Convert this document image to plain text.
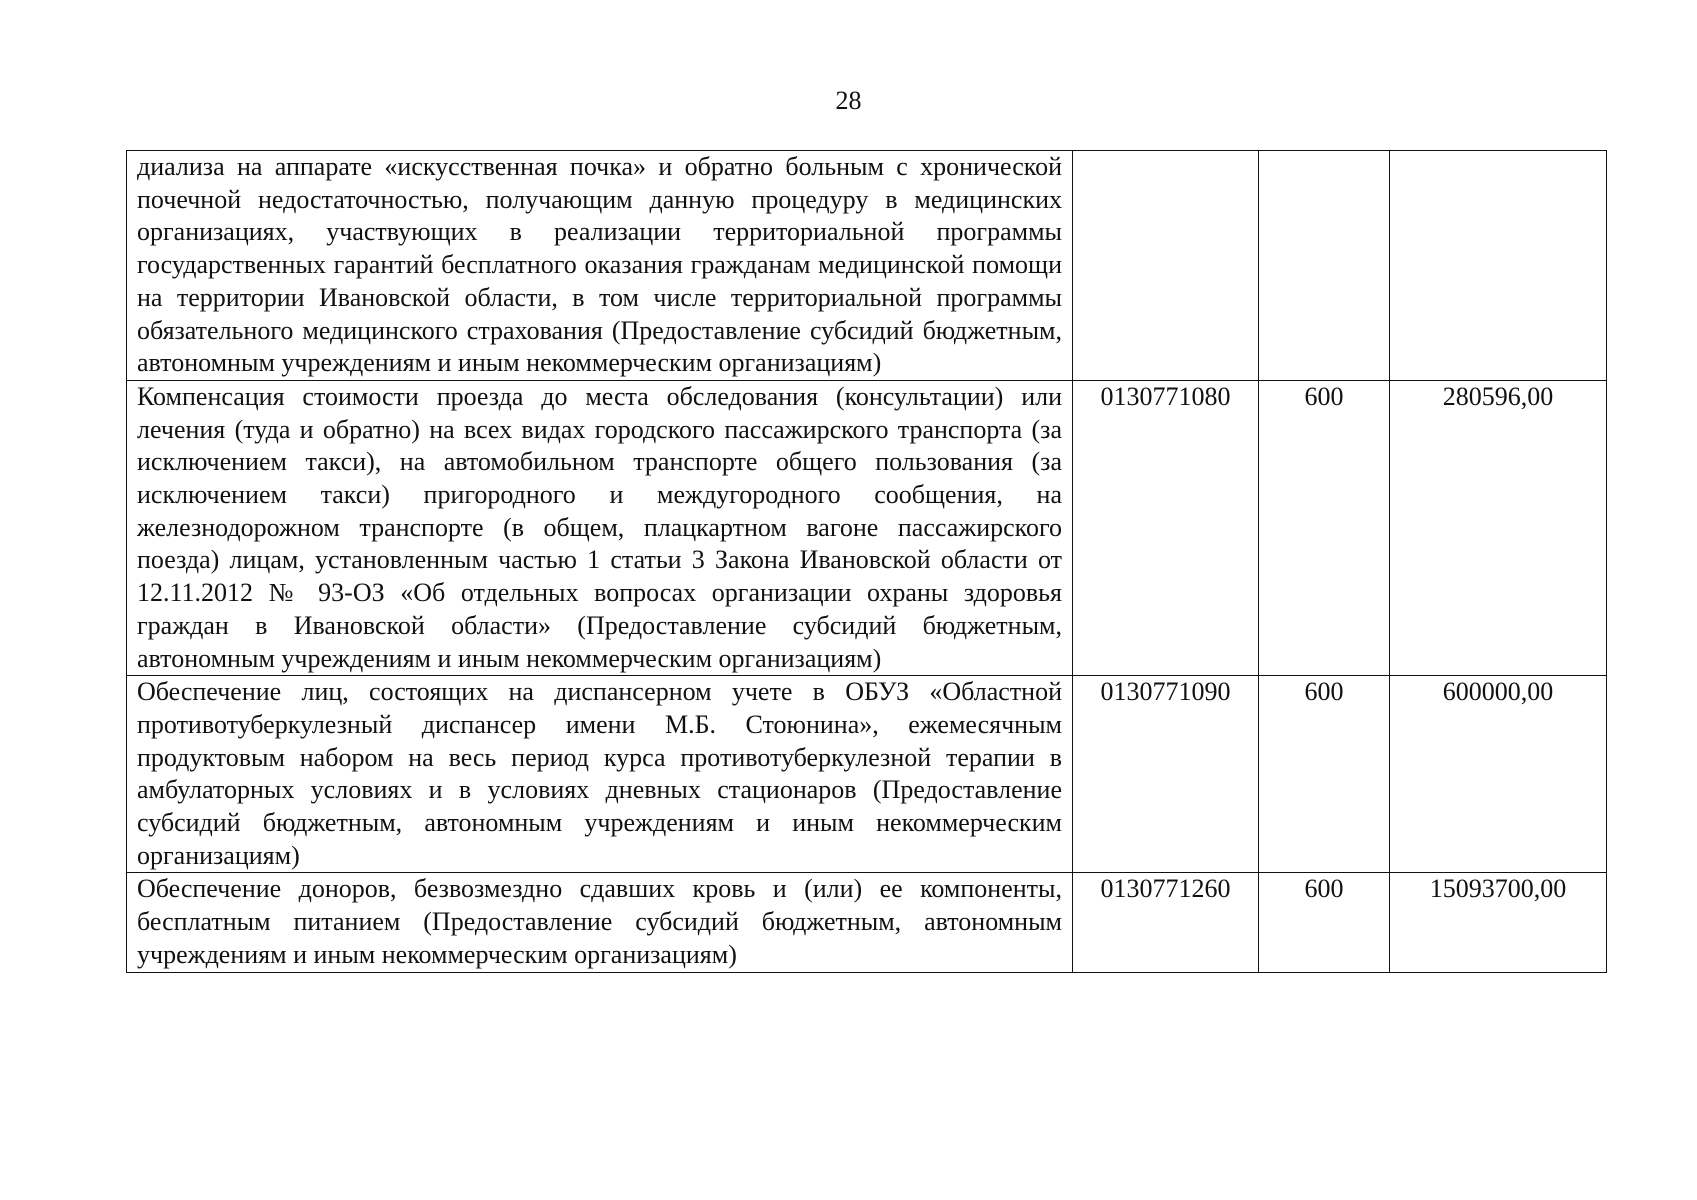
28
диализа на аппарате «искусственная почка» и обратно больным с хронической почечной недостаточностью, получающим данную процедуру в медицинских организациях, участвующих в реализации территориальной программы государственных гарантий бесплатного оказания гражданам медицинской помощи на территории Ивановской области, в том числе территориальной программы обязательного медицинского страхования (Предоставление субсидий бюджетным, автономным учреждениям и иным некоммерческим организациям)	

Компенсация стоимости проезда до места обследования (консультации) или лечения (туда и обратно) на всех видах городского пассажирского транспорта (за исключением такси), на автомобильном транспорте общего пользования (за исключением такси) пригородного и междугородного сообщения, на железнодорожном транспорте (в общем, плацкартном вагоне пассажирского поезда) лицам, установленным частью 1 статьи 3 Закона Ивановской области от 12.11.2012 № 93-ОЗ «Об отдельных вопросах организации охраны здоровья граждан в Ивановской области» (Предоставление субсидий бюджетным, автономным учреждениям и иным некоммерческим организациям)	0130771080	600	280596,00

Обеспечение лиц, состоящих на диспансерном учете в ОБУЗ «Областной противотуберкулезный диспансер имени М.Б. Стоюнина», ежемесячным продуктовым набором на весь период курса противотуберкулезной терапии в амбулаторных условиях и в условиях дневных стационаров (Предоставление субсидий бюджетным, автономным учреждениям и иным некоммерческим организациям)	0130771090	600	600000,00

Обеспечение доноров, безвозмездно сдавших кровь и (или) ее компоненты, бесплатным питанием (Предоставление субсидий бюджетным, автономным учреждениям и иным некоммерческим организациям)	0130771260	600	15093700,00
